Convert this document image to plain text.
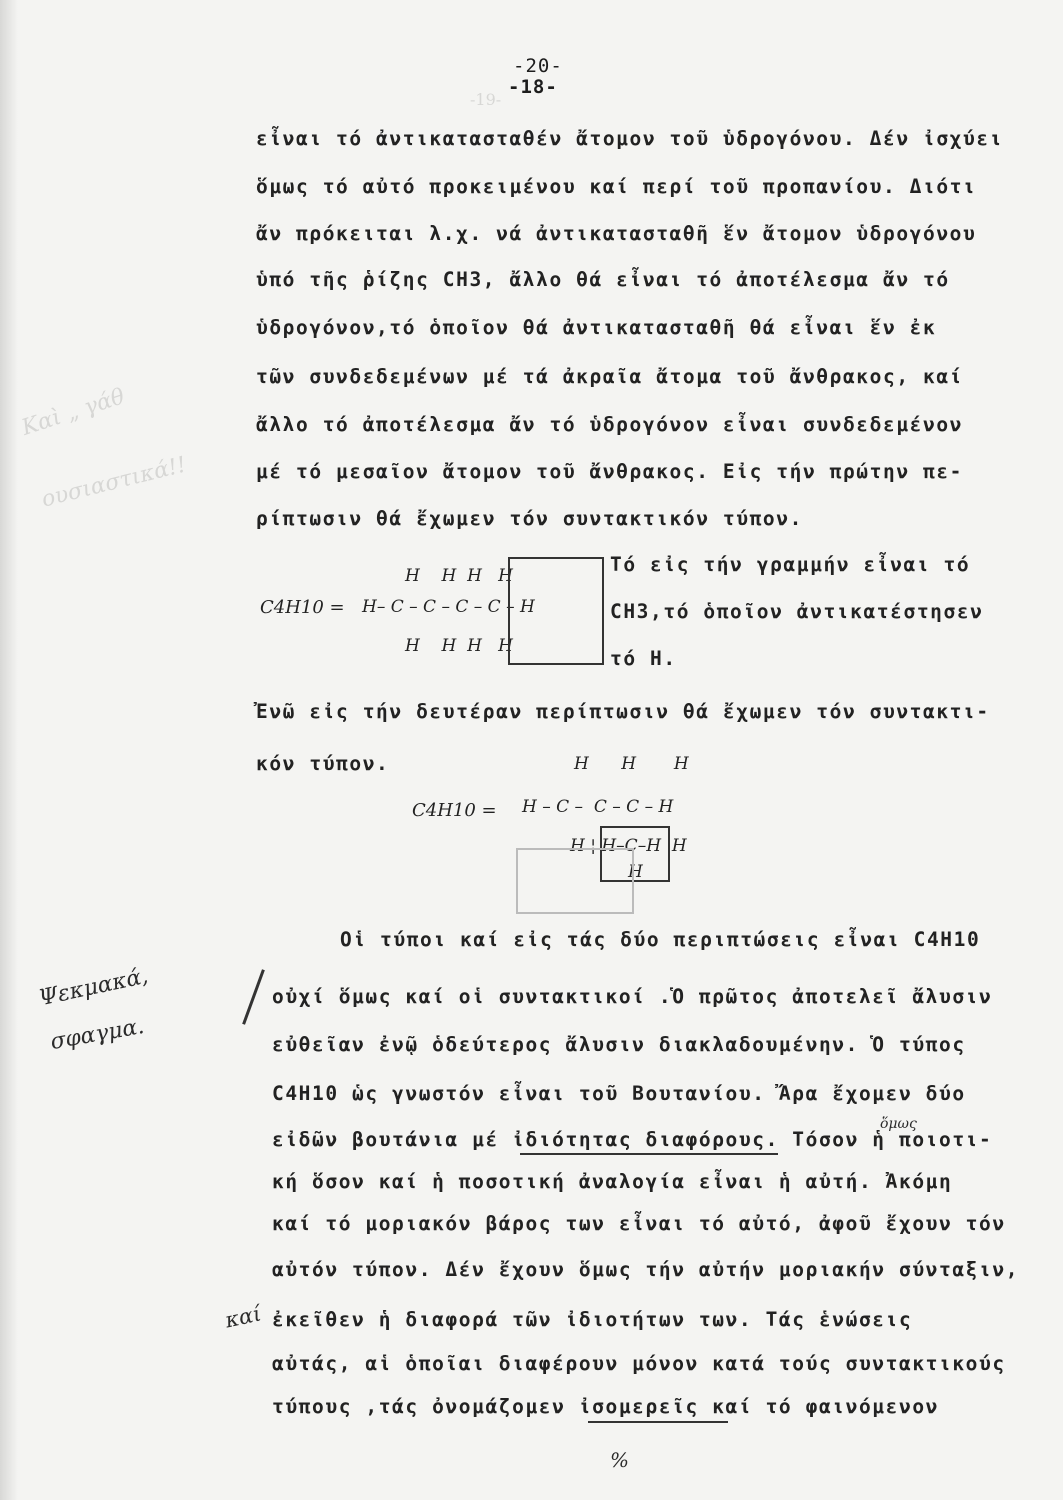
-19-
Καὶ „ γάθ
ουσιαστικά!!
-20-
-18-
εἶναι τό ἀντικατασταθέν ἄτομον τοῦ ὑδρογόνου. Δέν ἰσχύει
ὅμως τό αὐτό προκειμένου καί περί τοῦ προπανίου. Διότι
ἄν πρόκειται λ.χ. νά ἀντικατασταθῆ ἕν ἄτομον ὑδρογόνου
ὑπό τῆς ῥίζης CH3, ἄλλο θά εἶναι τό ἀποτέλεσμα ἄν τό
ὑδρογόνον,τό ὁποῖον θά ἀντικατασταθῆ θά εἶναι ἕν ἐκ
τῶν συνδεδεμένων μέ τά ἀκραῖα ἄτομα τοῦ ἄνθρακος, καί
ἄλλο τό ἀποτέλεσμα ἄν τό ὑδρογόνον εἶναι συνδεδεμένον
μέ τό μεσαῖον ἄτομον τοῦ ἄνθρακος. Εἰς τήν πρώτην πε-
ρίπτωσιν θά ἔχωμεν τόν συντακτικόν τύπον.
C4H10 = H– C – C – C – C – H
H    H  H   H
H    H  H   H
Τό εἰς τήν γραμμήν εἶναι τό
CH3,τό ὁποῖον ἀντικατέστησεν
τό H.
Ἐνῶ εἰς τήν δευτέραν περίπτωσιν θά ἔχωμεν τόν συντακτι-
κόν τύπον.
C4H10 = H – C –  C – C – H
H      H       H
H ¦ H–C–H  H
H
Οἱ τύποι καί εἰς τάς δύο περιπτώσεις εἶναι C4H10
οὐχί ὅμως καί οἱ συντακτικοί .Ὁ πρῶτος ἀποτελεῖ ἄλυσιν
εὐθεῖαν ἐνῷ ὁδεύτερος ἄλυσιν διακλαδουμένην. Ὁ τύπος
C4H10 ὡς γνωστόν εἶναι τοῦ Βουτανίου. Ἄρα ἔχομεν δύο
εἰδῶν βουτάνια μέ ἰδιότητας διαφόρους. Τόσον ἡ ποιοτι-
κή ὅσον καί ἡ ποσοτική ἀναλογία εἶναι ἡ αὐτή. Ἀκόμη
καί τό μοριακόν βάρος των εἶναι τό αὐτό, ἀφοῦ ἔχουν τόν
αὐτόν τύπον. Δέν ἔχουν ὅμως τήν αὐτήν μοριακήν σύνταξιν,
ἐκεῖθεν ἡ διαφορά τῶν ἰδιοτήτων των. Τάς ἑνώσεις
αὐτάς, αἱ ὁποῖαι διαφέρουν μόνον κατά τούς συντακτικούς
τύπους ,τάς ὀνομάζομεν ἰσομερεῖς καί τό φαινόμενον
Ψεκμακά,
σφαγμα.
καί
ὅμως
%
